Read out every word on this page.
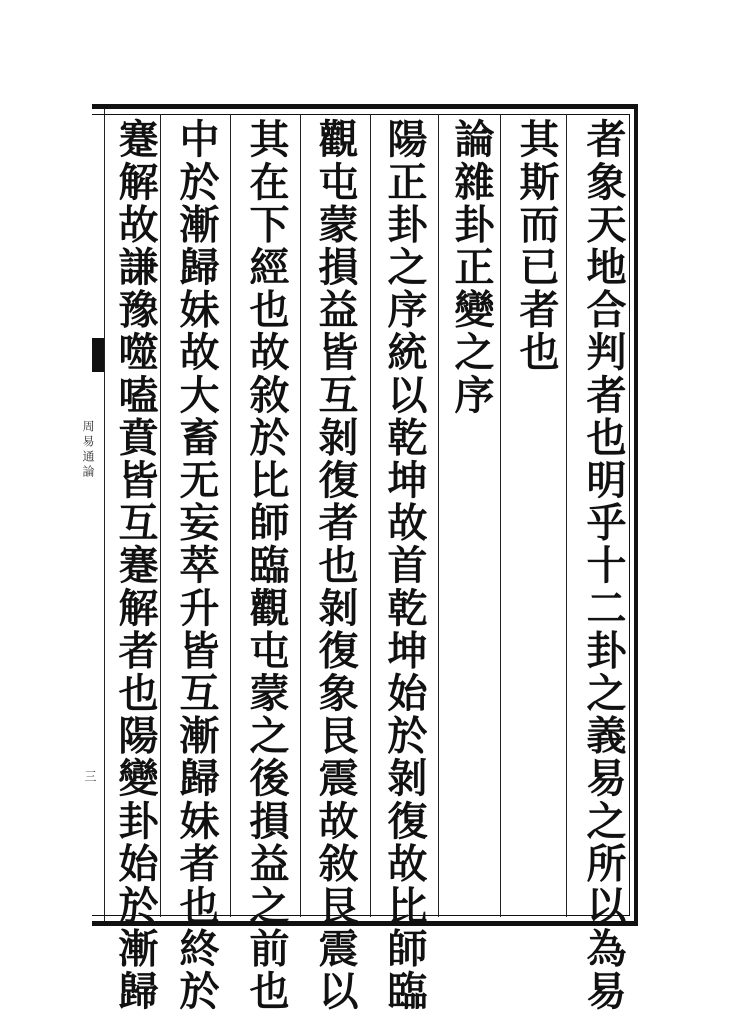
周易通論
三	者象天地合判者也明乎十二卦之義易之所以為易
其斯而已者也
論雜卦正變之序
陽正卦之序統以乾坤故首乾坤始於剝復故比師臨
觀屯蒙損益皆互剝復者也剝復象艮震故敘艮震以
其在下經也故敘於比師臨觀屯蒙之後損益之前也
中於漸歸妹故大畜无妄萃升皆互漸歸妹者也終於
蹇解故謙豫噬嗑賁皆互蹇解者也陽變卦始於漸歸
